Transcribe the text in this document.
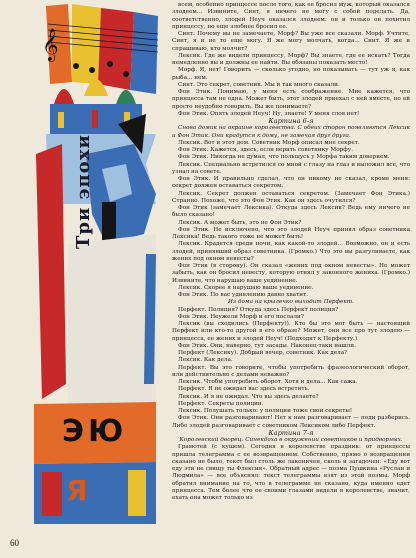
𝄞
Три эпохи
ЭЮ
Я

всем, особенно принцессе после того, как ее бросил муж, который оказался злодеем... Извините, Синт, я ничего не могу с собой поделать. Да, соответственно, злодей Неуч оказался злодеем: он и только он похитил принцессу, но еще злобнее бросил ее.

Синт. Почему вы не замечаете, Морф? Вы уже все сказали. Морф. Учтите, Синт, я и не то еще могу. Я же могу молчать, когда... Синт. Я же и спрашиваю, кто молчит?

Лексик. Где же видели принцессу, Морф? Вы знаете, где ее искать? Тогда немедленно вы и должны ее найти. Вы обязаны показать место!

Морф. Я, нет! Говорить — сколько угодно, но показывать — тут уж я, как рыба... нем.

Синт. Это секрет, советник. Мы и так много сказали.

Фон Этик. Понимаю, у меня есть соображение. Мне кажется, что принцесса там не одна. Может быть, этот злодей приехал с ней вместе, но ей просто неудобно говорить. Вы же понимаете?

Фон Этик. Опять злодей Неуч! Ну, знаете! У меня слов нет!

Картина 6-я

Снова домик на окраине королевства. С обеих сторон появляются Лексик и Фон Этик. Они крадутся к дому, не замечая друг друга.

Лексик. Вот и этот дом. Советник Морф описал мне секрет.

Фон Этик. Кажется, здесь, если верить советнику Морфу.

Фон Этик. Никогда не думал, что польщусь у Морфа таким доверием.

Лексик. Специально встретился со мной с глазу на глаз и выложил все, что узнал на совете.

Фон Этик. И правильно сделал, что он никому не сказал, кроме меня: секрет должен оставаться секретом.

Лексик. Секрет должен оставаться секретом. (Замечает Фон Этика.) Странно. Похоже, что это Фон Этик. Как он здесь очутился?

Фон Этик (замечает Лексика). Откуда здесь Лексик? Ведь ему ничего не было сказано!

Лексик. А может быть, это не Фон Этик?

Фон Этик. Не исключено, что это злодей Неуч принял образ советника Лексика! Ведь такого тоже не может быть!

Лексик. Крадется среди ночи, как какой-то злодей... Возможно, он и есть злодей, принявший образ советника. (Громко.) Что это вы разгуливаете, как жених под окном невесты?

Фон Этик (в сторону). Он сказал «жених под окном невесты». Не может забыть, как он бросил невесту, которую отнял у законного жениха. (Громко.) Извините, что нарушаю ваше уединение.

Лексик. Скорее я нарушаю ваше уединение.

Фон Этик. По вас удивлению давно хватит.

Из дома на крылечко выходит Перфект.

Перфект. Полиция? Откуда здесь Перфект полиция?

Фон Этик. Неужели Морф и его послали?

Лексик (вы сходились (Перфекту)). Кто бы это мог быть — настоящий Перфект или кто-то другой в его образе? Может, они все про тут злодею — принцесса, ее жених и злодей Неуч! (Подходит к Перфекту.)

Фон Этик. Они, наверно, тут засады. Наконец-таки нашли.

Перфект (Лексику). Добрый вечер, советник. Как дела?

Лексик. Как дела.

Перфект. Вы это говорите, чтобы употребить фразеологический оборот, или действительно с делами неважно?

Лексик. Чтобы употребить оборот. Хотя и дела... Как сажа.

Перфект. Я не ожидал вас здесь встретить.

Лексик. И я не ожидал. Что вы здесь делаете?

Перфект. Секреты полиции.

Лексик. Полушать только: у полиции тоже свои секреты!

Фон Этик. Они разговаривают! Нет к нам разговаривает — поди разберись. Либо злодей разговаривает с советником Лексиком либо Перфект.

Картина 7-я

Королевский дворец. Синекдоха в окружении советников и придворных.

Грамотей (с кушем). Сегодня в королевстве праздник: от принцессы пришла телеграмма с ее возвращением. Собственно, прямо о возвращении сказано не было, текст был столь же лаконичен, сколь и загадочен: «Еду вот еду эти не свищу ты Флексия». Обратный адрес — поэма Пушкина «Руслан и Людмила» — все объяснял: текст телеграммы взят из этой поэмы. Морф обратил внимание на то, что в телеграмме не сказано, куда именно едет принцесса. Тем более что ее своими глазами видели в королевстве, значит, ехать она может только из

60
